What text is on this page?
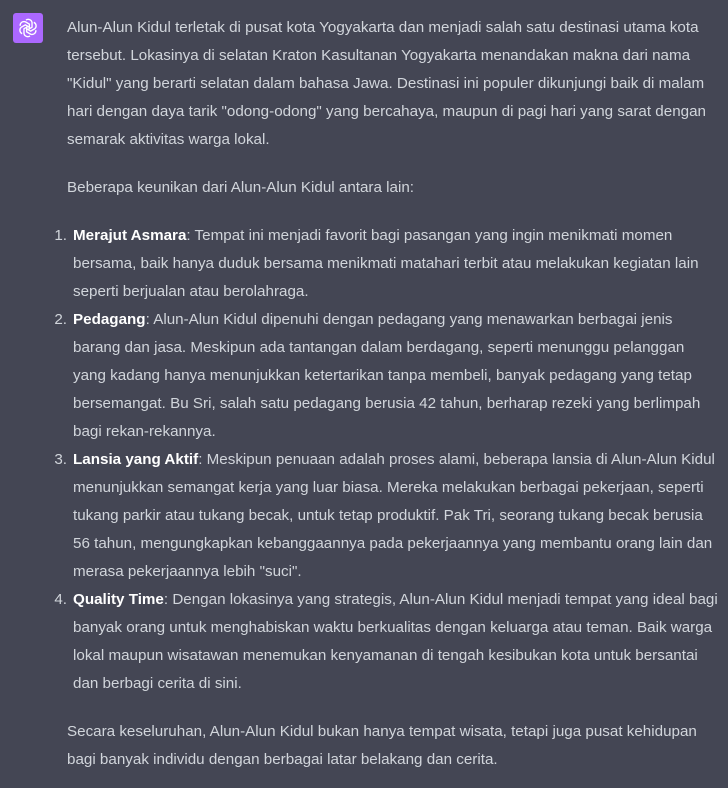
Alun-Alun Kidul terletak di pusat kota Yogyakarta dan menjadi salah satu destinasi utama kota tersebut. Lokasinya di selatan Kraton Kasultanan Yogyakarta menandakan makna dari nama "Kidul" yang berarti selatan dalam bahasa Jawa. Destinasi ini populer dikunjungi baik di malam hari dengan daya tarik "odong-odong" yang bercahaya, maupun di pagi hari yang sarat dengan semarak aktivitas warga lokal.

Beberapa keunikan dari Alun-Alun Kidul antara lain:

1. Merajut Asmara: Tempat ini menjadi favorit bagi pasangan yang ingin menikmati momen bersama, baik hanya duduk bersama menikmati matahari terbit atau melakukan kegiatan lain seperti berjualan atau berolahraga.
2. Pedagang: Alun-Alun Kidul dipenuhi dengan pedagang yang menawarkan berbagai jenis barang dan jasa. Meskipun ada tantangan dalam berdagang, seperti menunggu pelanggan yang kadang hanya menunjukkan ketertarikan tanpa membeli, banyak pedagang yang tetap bersemangat. Bu Sri, salah satu pedagang berusia 42 tahun, berharap rezeki yang berlimpah bagi rekan-rekannya.
3. Lansia yang Aktif: Meskipun penuaan adalah proses alami, beberapa lansia di Alun-Alun Kidul menunjukkan semangat kerja yang luar biasa. Mereka melakukan berbagai pekerjaan, seperti tukang parkir atau tukang becak, untuk tetap produktif. Pak Tri, seorang tukang becak berusia 56 tahun, mengungkapkan kebanggaannya pada pekerjaannya yang membantu orang lain dan merasa pekerjaannya lebih "suci".
4. Quality Time: Dengan lokasinya yang strategis, Alun-Alun Kidul menjadi tempat yang ideal bagi banyak orang untuk menghabiskan waktu berkualitas dengan keluarga atau teman. Baik warga lokal maupun wisatawan menemukan kenyamanan di tengah kesibukan kota untuk bersantai dan berbagi cerita di sini.

Secara keseluruhan, Alun-Alun Kidul bukan hanya tempat wisata, tetapi juga pusat kehidupan bagi banyak individu dengan berbagai latar belakang dan cerita.
